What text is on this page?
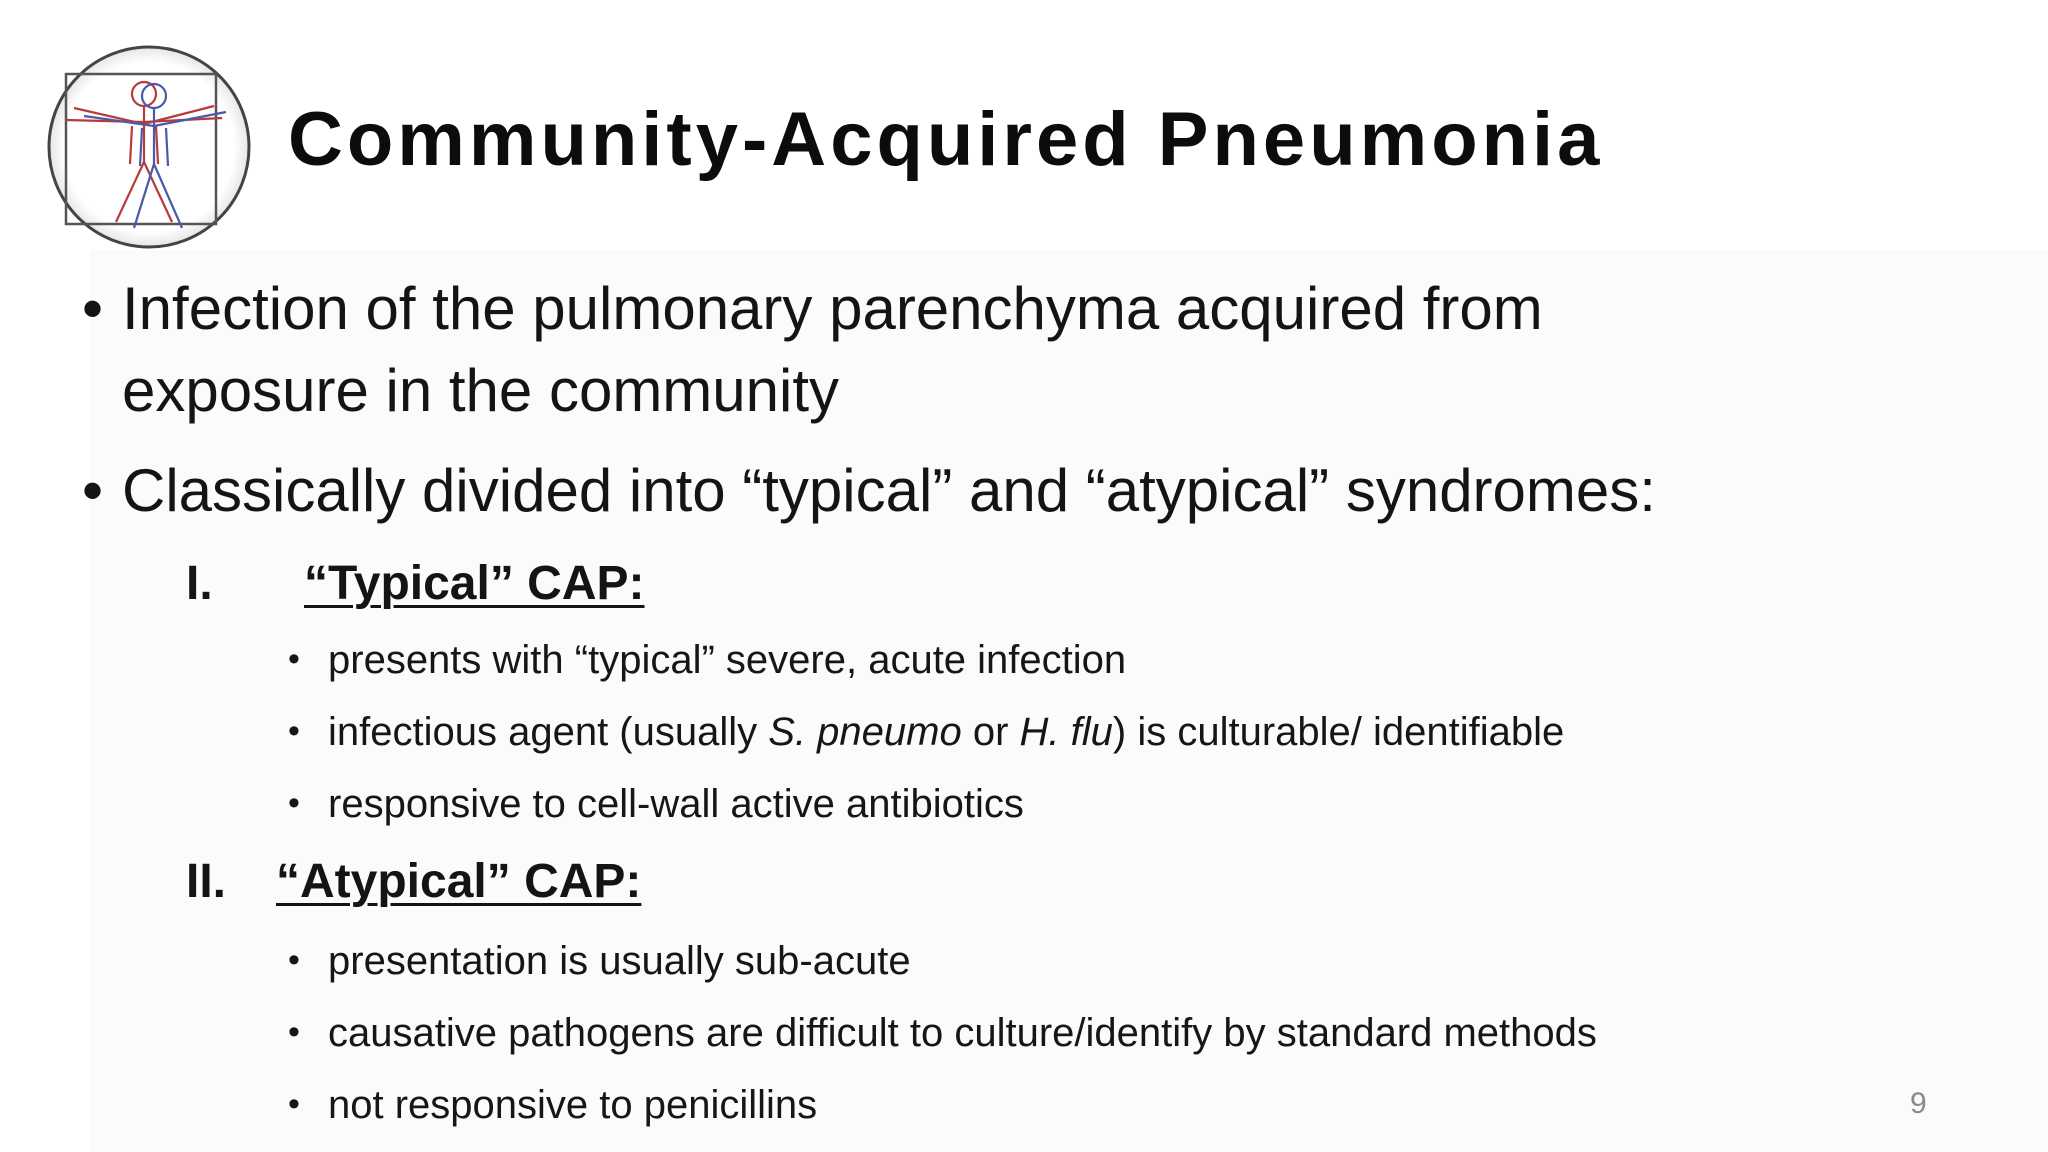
Community-Acquired Pneumonia
• Infection of the pulmonary parenchyma acquired from exposure in the community
• Classically divided into “typical” and “atypical” syndromes:
I. “Typical” CAP:
• presents with “typical” severe, acute infection
• infectious agent (usually S. pneumo or H. flu) is culturable/ identifiable
• responsive to cell-wall active antibiotics
II. “Atypical” CAP:
• presentation is usually sub-acute
• causative pathogens are difficult to culture/identify by standard methods
• not responsive to penicillins	9
